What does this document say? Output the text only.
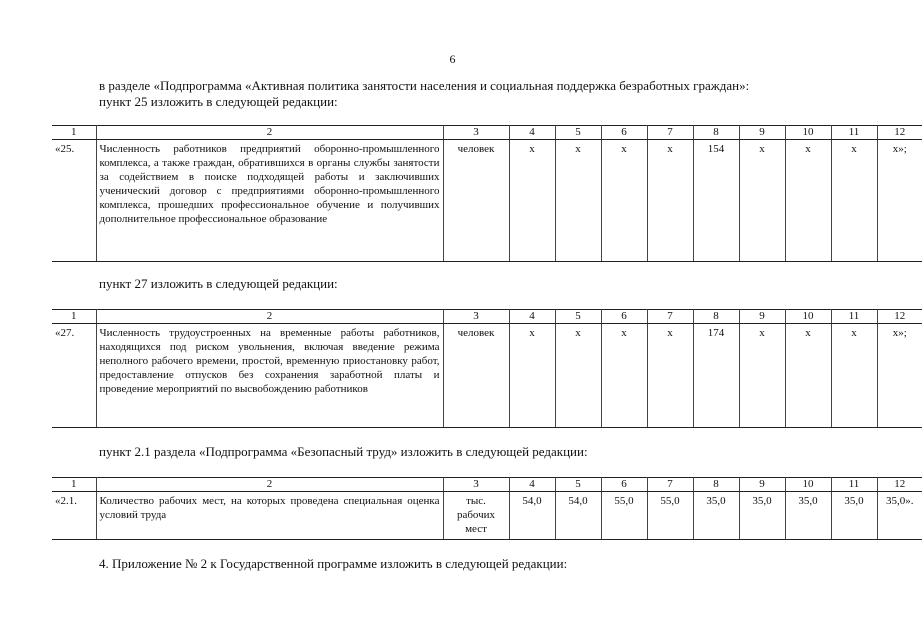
6
в разделе «Подпрограмма «Активная политика занятости населения и социальная поддержка безработных граждан»:
пункт 25 изложить в следующей редакции:
1	2	3	4	5	6	7	8	9	10	11	12
«25.	Численность работников предприятий оборонно-промышленного комплекса, а также граждан, обратившихся в органы службы занятости за содействием в поиске подходящей работы и заключивших ученический договор с предприятиями оборонно-промышленного комплекса, прошедших профессиональное обучение и получивших дополнительное профессиональное образование	человек	х	х	х	х	154	х	х	х	х»;
пункт 27 изложить в следующей редакции:
1	2	3	4	5	6	7	8	9	10	11	12
«27.	Численность трудоустроенных на временные работы работников, находящихся под риском увольнения, включая введение режима неполного рабочего времени, простой, временную приостановку работ, предоставление отпусков без сохранения заработной платы и проведение мероприятий по высвобождению работников	человек	х	х	х	х	174	х	х	х	х»;
пункт 2.1 раздела «Подпрограмма «Безопасный труд» изложить в следующей редакции:
1	2	3	4	5	6	7	8	9	10	11	12
«2.1.	Количество рабочих мест, на которых проведена специальная оценка условий труда	тыс. рабочих мест	54,0	54,0	55,0	55,0	35,0	35,0	35,0	35,0	35,0».
4. Приложение № 2 к Государственной программе изложить в следующей редакции:
